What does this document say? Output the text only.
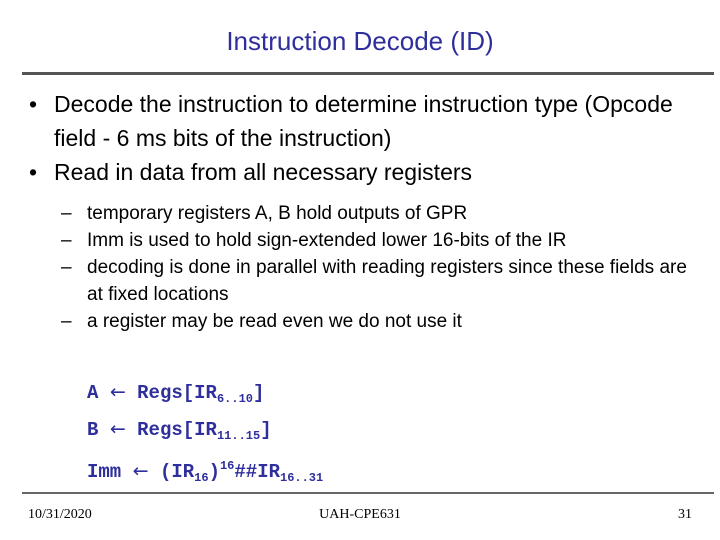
Instruction Decode (ID)
• Decode the instruction to determine instruction type (Opcode field - 6 ms bits of the instruction)
• Read in data from all necessary registers
– temporary registers A, B hold outputs of GPR
– Imm is used to hold sign-extended lower 16-bits of the IR
– decoding is done in parallel with reading registers since these fields are at fixed locations
– a register may be read even we do not use it
A ← $Regs[IR_{6..10}]$
B ← $Regs[IR_{11..15}]$
Imm ← $(IR_{16})^{16}\#\#IR_{16..31}$
10/31/2020	UAH-CPE631	31
